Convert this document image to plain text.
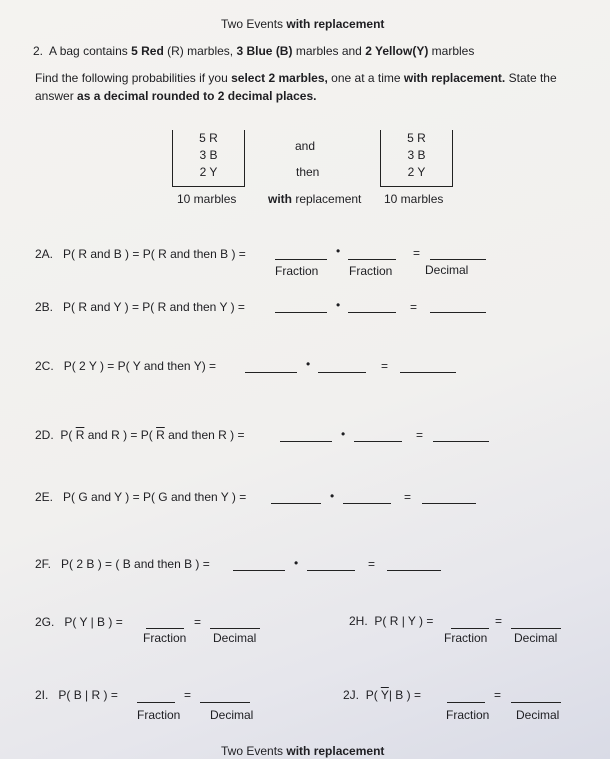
Two Events with replacement
2. A bag contains 5 Red (R) marbles, 3 Blue (B) marbles and 2 Yellow(Y) marbles
Find the following probabilities if you select 2 marbles, one at a time with replacement. State the
answer as a decimal rounded to 2 decimal places.
5 R
3 B
2 Y
10 marbles
5 R
3 B
2 Y
10 marbles
and
then
with replacement
2A. P( R and B ) = P( R and then B ) =	•	=
Fraction	Fraction	Decimal
2B. P( R and Y ) = P( R and then Y ) =	•	=
2C. P( 2 Y ) = P( Y and then Y) =	•	=
2D. P( $\overline{R}$ and R ) = P( $\overline{R}$ and then R ) =	•	=
2E. P( G and Y ) = P( G and then Y ) =	•	=
2F. P( 2 B ) = ( B and then B ) =	•	=
2G. P( Y | B ) =	=
Fraction Decimal
2H. P( R | Y ) =	=
Fraction Decimal
2I. P( B | R ) =	=
Fraction Decimal
2J. P( $\overline{Y}|$ B ) =	=
Fraction Decimal
Two Events with replacement
